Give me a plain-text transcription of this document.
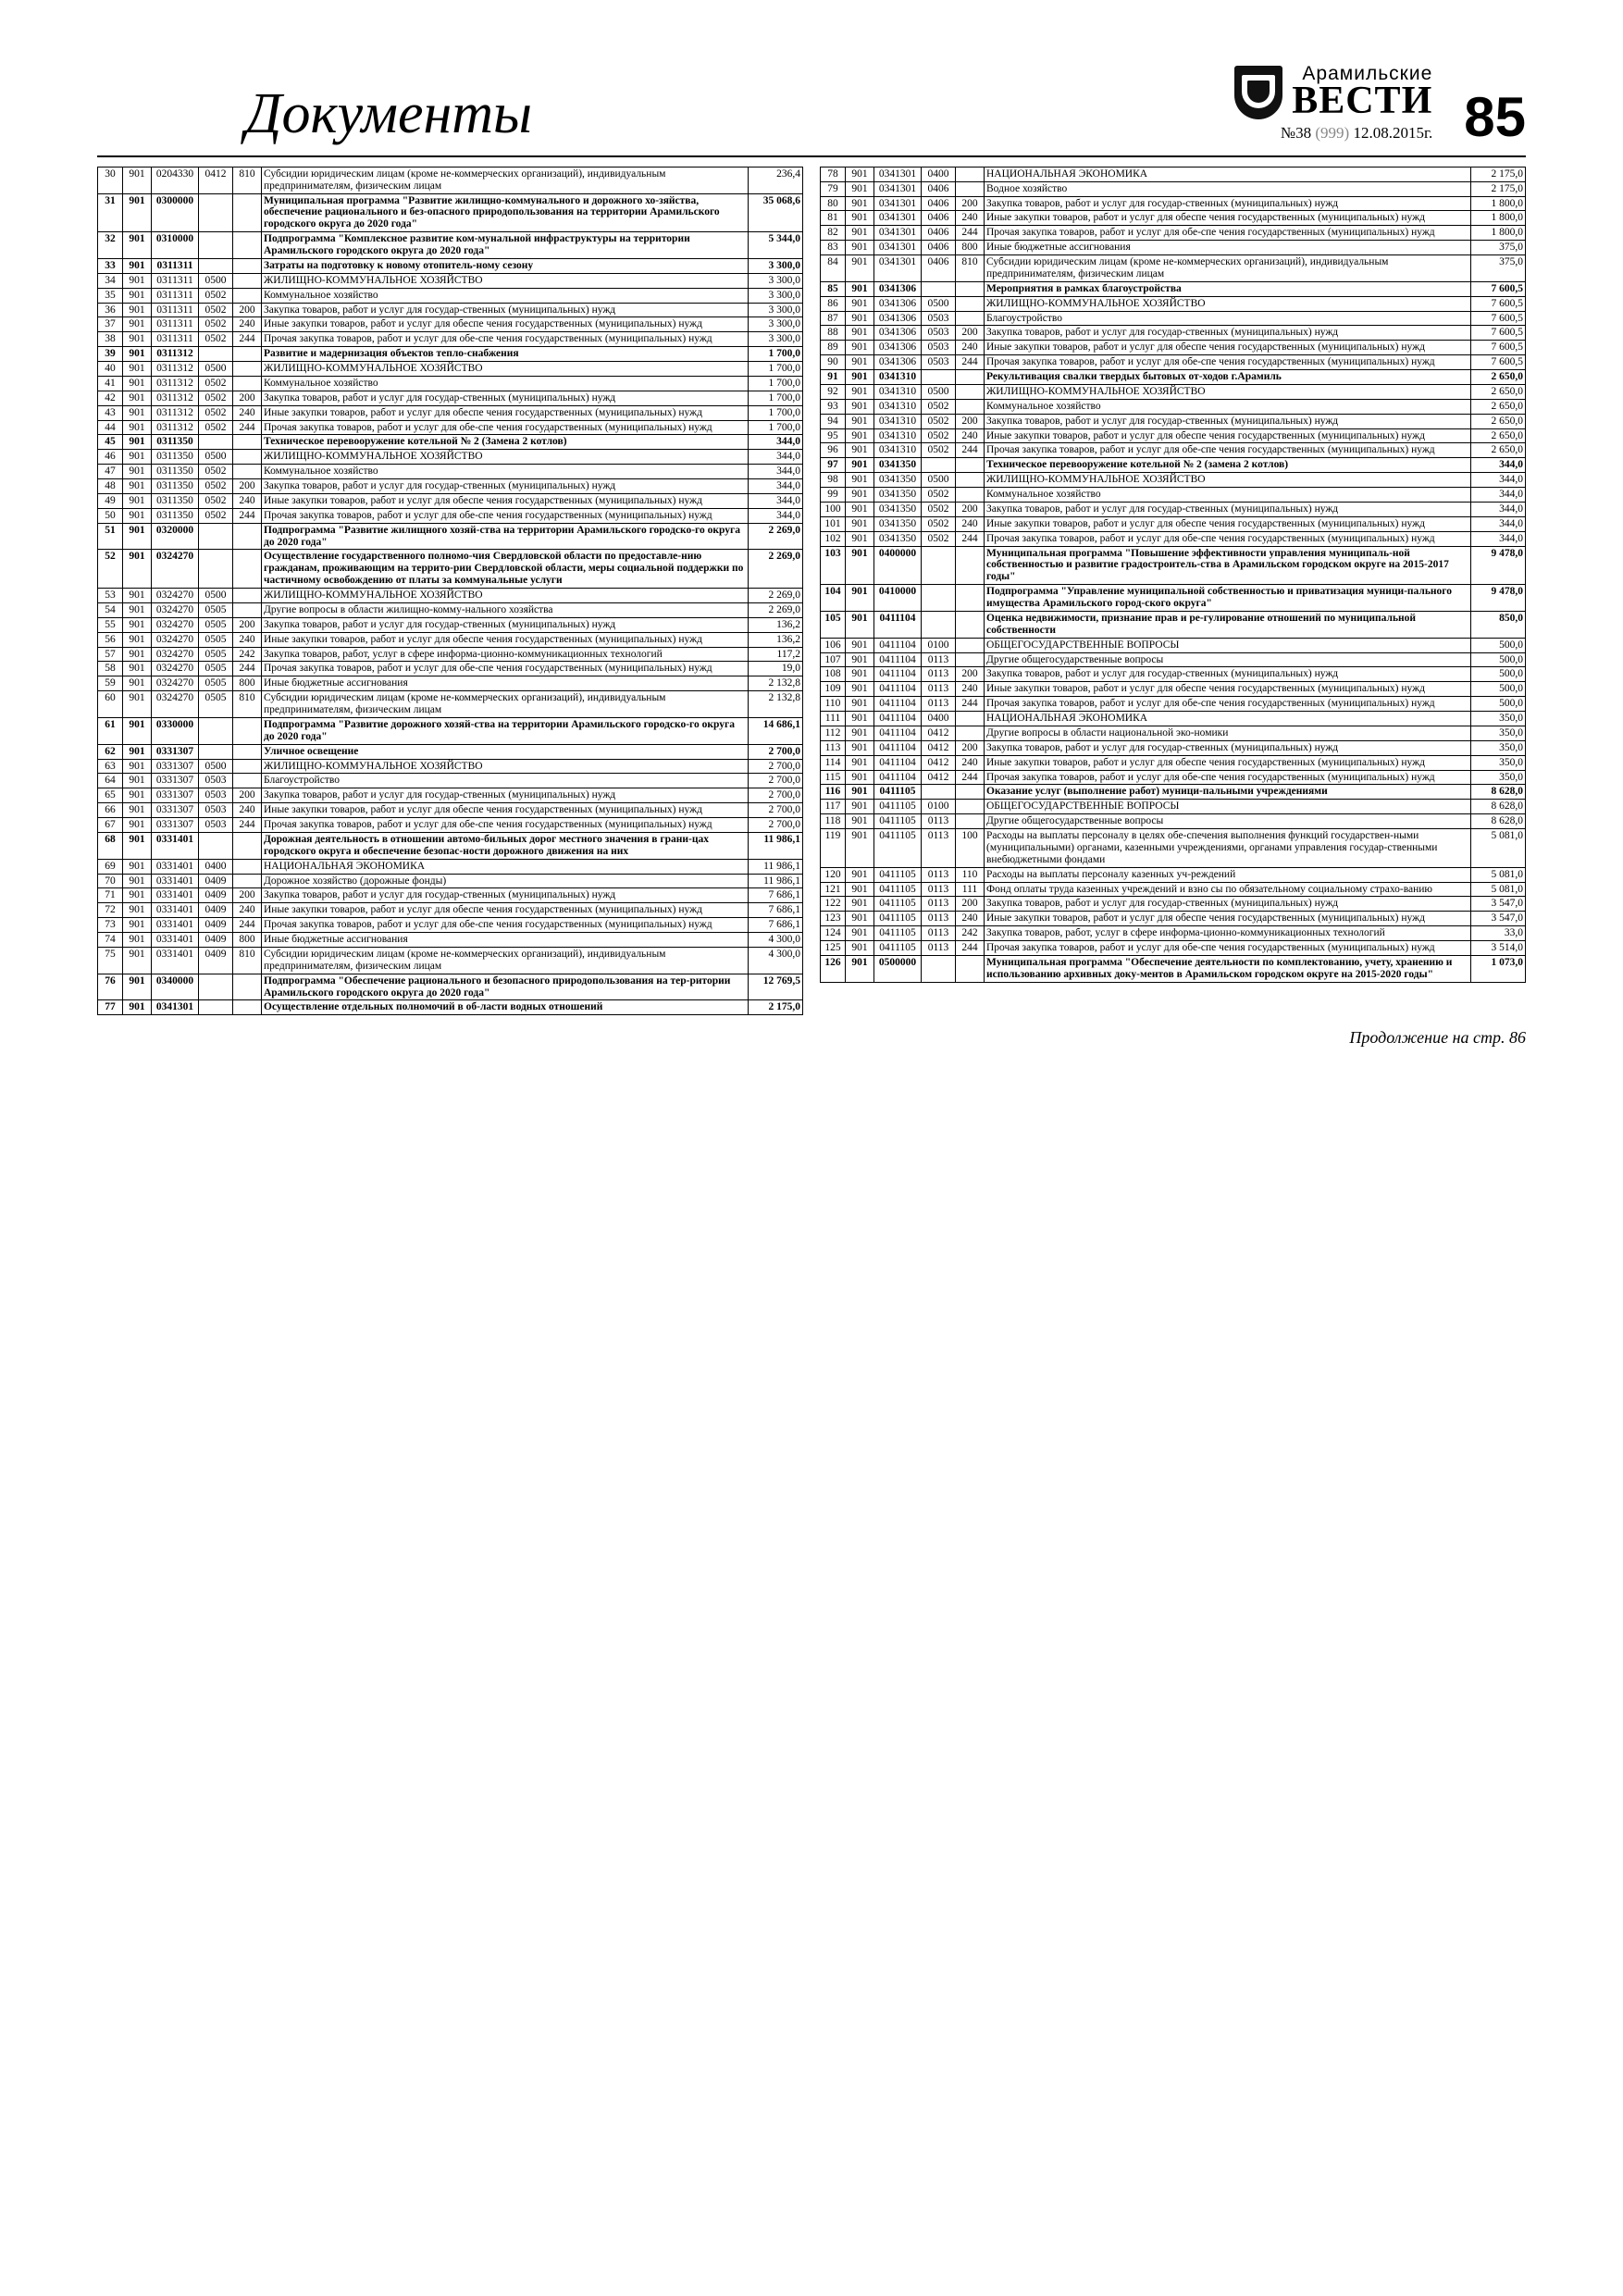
Документы
Арамильские
ВЕСТИ
№38 (999) 12.08.2015г. 85
30	901	0204330	0412	810	Субсидии юридическим лицам (кроме не-коммерческих организаций), индивидуальным предпринимателям, физическим лицам	236,4
31	901	0300000			Муниципальная программа "Развитие жилищно-коммунального и дорожного хо-зяйства, обеспечение рационального и без-опасного природопользования на территории Арамильского городского округа до 2020 года"	35 068,6
32	901	0310000			Подпрограмма "Комплексное развитие ком-мунальной инфраструктуры на территории Арамильского городского округа до 2020 года"	5 344,0
33	901	0311311			Затраты на подготовку к новому отопитель-ному сезону	3 300,0
34	901	0311311	0500		ЖИЛИЩНО-КОММУНАЛЬНОЕ ХОЗЯЙСТВО	3 300,0
35	901	0311311	0502		Коммунальное хозяйство	3 300,0
36	901	0311311	0502	200	Закупка товаров, работ и услуг для государ-ственных (муниципальных) нужд	3 300,0
37	901	0311311	0502	240	Иные закупки товаров, работ и услуг для обеспе чения государственных (муниципальных) нужд	3 300,0
38	901	0311311	0502	244	Прочая закупка товаров, работ и услуг для обе-спе чения государственных (муниципальных) нужд	3 300,0
39	901	0311312			Развитие и мадернизация объектов тепло-снабжения	1 700,0
40	901	0311312	0500		ЖИЛИЩНО-КОММУНАЛЬНОЕ ХОЗЯЙСТВО	1 700,0
41	901	0311312	0502		Коммунальное хозяйство	1 700,0
42	901	0311312	0502	200	Закупка товаров, работ и услуг для государ-ственных (муниципальных) нужд	1 700,0
43	901	0311312	0502	240	Иные закупки товаров, работ и услуг для обеспе чения государственных (муниципальных) нужд	1 700,0
44	901	0311312	0502	244	Прочая закупка товаров, работ и услуг для обе-спе чения государственных (муниципальных) нужд	1 700,0
45	901	0311350			Техническое перевооружение котельной № 2 (Замена 2 котлов)	344,0
46	901	0311350	0500		ЖИЛИЩНО-КОММУНАЛЬНОЕ ХОЗЯЙСТВО	344,0
47	901	0311350	0502		Коммунальное хозяйство	344,0
48	901	0311350	0502	200	Закупка товаров, работ и услуг для государ-ственных (муниципальных) нужд	344,0
49	901	0311350	0502	240	Иные закупки товаров, работ и услуг для обеспе чения государственных (муниципальных) нужд	344,0
50	901	0311350	0502	244	Прочая закупка товаров, работ и услуг для обе-спе чения государственных (муниципальных) нужд	344,0
51	901	0320000			Подпрограмма "Развитие жилищного хозяй-ства на территории Арамильского городско-го округа до 2020 года"	2 269,0
52	901	0324270			Осуществление государственного полномо-чия Свердловской области по предоставле-нию гражданам, проживающим на террито-рии Свердловской области, меры социальной поддержки по частичному освобождению от платы за коммунальные услуги	2 269,0
53	901	0324270	0500		ЖИЛИЩНО-КОММУНАЛЬНОЕ ХОЗЯЙСТВО	2 269,0
54	901	0324270	0505		Другие вопросы в области жилищно-комму-нального хозяйства	2 269,0
55	901	0324270	0505	200	Закупка товаров, работ и услуг для государ-ственных (муниципальных) нужд	136,2
56	901	0324270	0505	240	Иные закупки товаров, работ и услуг для обеспе чения государственных (муниципальных) нужд	136,2
57	901	0324270	0505	242	Закупка товаров, работ, услуг в сфере информа-ционно-коммуникационных технологий	117,2
58	901	0324270	0505	244	Прочая закупка товаров, работ и услуг для обе-спе чения государственных (муниципальных) нужд	19,0
59	901	0324270	0505	800	Иные бюджетные ассигнования	2 132,8
60	901	0324270	0505	810	Субсидии юридическим лицам (кроме не-коммерческих организаций), индивидуальным предпринимателям, физическим лицам	2 132,8
61	901	0330000			Подпрограмма "Развитие дорожного хозяй-ства на территории Арамильского городско-го округа до 2020 года"	14 686,1
62	901	0331307			Уличное освещение	2 700,0
63	901	0331307	0500		ЖИЛИЩНО-КОММУНАЛЬНОЕ ХОЗЯЙСТВО	2 700,0
64	901	0331307	0503		Благоустройство	2 700,0
65	901	0331307	0503	200	Закупка товаров, работ и услуг для государ-ственных (муниципальных) нужд	2 700,0
66	901	0331307	0503	240	Иные закупки товаров, работ и услуг для обеспе чения государственных (муниципальных) нужд	2 700,0
67	901	0331307	0503	244	Прочая закупка товаров, работ и услуг для обе-спе чения государственных (муниципальных) нужд	2 700,0
68	901	0331401			Дорожная деятельность в отношении автомо-бильных дорог местного значения в грани-цах городского округа и обеспечение безопас-ности дорожного движения на них	11 986,1
69	901	0331401	0400		НАЦИОНАЛЬНАЯ ЭКОНОМИКА	11 986,1
70	901	0331401	0409		Дорожное хозяйство (дорожные фонды)	11 986,1
71	901	0331401	0409	200	Закупка товаров, работ и услуг для государ-ственных (муниципальных) нужд	7 686,1
72	901	0331401	0409	240	Иные закупки товаров, работ и услуг для обеспе чения государственных (муниципальных) нужд	7 686,1
73	901	0331401	0409	244	Прочая закупка товаров, работ и услуг для обе-спе чения государственных (муниципальных) нужд	7 686,1
74	901	0331401	0409	800	Иные бюджетные ассигнования	4 300,0
75	901	0331401	0409	810	Субсидии юридическим лицам (кроме не-коммерческих организаций), индивидуальным предпринимателям, физическим лицам	4 300,0
76	901	0340000			Подпрограмма "Обеспечение рационального и безопасного природопользования на тер-ритории Арамильского городского округа до 2020 года"	12 769,5
77	901	0341301			Осуществление отдельных полномочий в об-ласти водных отношений	2 175,0
78	901	0341301	0400		НАЦИОНАЛЬНАЯ ЭКОНОМИКА	2 175,0
79	901	0341301	0406		Водное хозяйство	2 175,0
80	901	0341301	0406	200	Закупка товаров, работ и услуг для государ-ственных (муниципальных) нужд	1 800,0
81	901	0341301	0406	240	Иные закупки товаров, работ и услуг для обеспе чения государственных (муниципальных) нужд	1 800,0
82	901	0341301	0406	244	Прочая закупка товаров, работ и услуг для обе-спе чения государственных (муниципальных) нужд	1 800,0
83	901	0341301	0406	800	Иные бюджетные ассигнования	375,0
84	901	0341301	0406	810	Субсидии юридическим лицам (кроме не-коммерческих организаций), индивидуальным предпринимателям, физическим лицам	375,0
85	901	0341306			Мероприятия в рамках благоустройства	7 600,5
86	901	0341306	0500		ЖИЛИЩНО-КОММУНАЛЬНОЕ ХОЗЯЙСТВО	7 600,5
87	901	0341306	0503		Благоустройство	7 600,5
88	901	0341306	0503	200	Закупка товаров, работ и услуг для государ-ственных (муниципальных) нужд	7 600,5
89	901	0341306	0503	240	Иные закупки товаров, работ и услуг для обеспе чения государственных (муниципальных) нужд	7 600,5
90	901	0341306	0503	244	Прочая закупка товаров, работ и услуг для обе-спе чения государственных (муниципальных) нужд	7 600,5
91	901	0341310			Рекультивация свалки твердых бытовых от-ходов г.Арамиль	2 650,0
92	901	0341310	0500		ЖИЛИЩНО-КОММУНАЛЬНОЕ ХОЗЯЙСТВО	2 650,0
93	901	0341310	0502		Коммунальное хозяйство	2 650,0
94	901	0341310	0502	200	Закупка товаров, работ и услуг для государ-ственных (муниципальных) нужд	2 650,0
95	901	0341310	0502	240	Иные закупки товаров, работ и услуг для обеспе чения государственных (муниципальных) нужд	2 650,0
96	901	0341310	0502	244	Прочая закупка товаров, работ и услуг для обе-спе чения государственных (муниципальных) нужд	2 650,0
97	901	0341350			Техническое перевооружение котельной № 2 (замена 2 котлов)	344,0
98	901	0341350	0500		ЖИЛИЩНО-КОММУНАЛЬНОЕ ХОЗЯЙСТВО	344,0
99	901	0341350	0502		Коммунальное хозяйство	344,0
100	901	0341350	0502	200	Закупка товаров, работ и услуг для государ-ственных (муниципальных) нужд	344,0
101	901	0341350	0502	240	Иные закупки товаров, работ и услуг для обеспе чения государственных (муниципальных) нужд	344,0
102	901	0341350	0502	244	Прочая закупка товаров, работ и услуг для обе-спе чения государственных (муниципальных) нужд	344,0
103	901	0400000			Муниципальная программа "Повышение эффективности управления муниципаль-ной собственностью и развитие градостроитель-ства в Арамильском городском округе на 2015-2017 годы"	9 478,0
104	901	0410000			Подпрограмма "Управление муниципальной собственностью и приватизация муници-пального имущества Арамильского город-ского округа"	9 478,0
105	901	0411104			Оценка недвижимости, признание прав и ре-гулирование отношений по муниципальной собственности	850,0
106	901	0411104	0100		ОБЩЕГОСУДАРСТВЕННЫЕ ВОПРОСЫ	500,0
107	901	0411104	0113		Другие общегосударственные вопросы	500,0
108	901	0411104	0113	200	Закупка товаров, работ и услуг для государ-ственных (муниципальных) нужд	500,0
109	901	0411104	0113	240	Иные закупки товаров, работ и услуг для обеспе чения государственных (муниципальных) нужд	500,0
110	901	0411104	0113	244	Прочая закупка товаров, работ и услуг для обе-спе чения государственных (муниципальных) нужд	500,0
111	901	0411104	0400		НАЦИОНАЛЬНАЯ ЭКОНОМИКА	350,0
112	901	0411104	0412		Другие вопросы в области национальной эко-номики	350,0
113	901	0411104	0412	200	Закупка товаров, работ и услуг для государ-ственных (муниципальных) нужд	350,0
114	901	0411104	0412	240	Иные закупки товаров, работ и услуг для обеспе чения государственных (муниципальных) нужд	350,0
115	901	0411104	0412	244	Прочая закупка товаров, работ и услуг для обе-спе чения государственных (муниципальных) нужд	350,0
116	901	0411105			Оказание услуг (выполнение работ) муници-пальными учреждениями	8 628,0
117	901	0411105	0100		ОБЩЕГОСУДАРСТВЕННЫЕ ВОПРОСЫ	8 628,0
118	901	0411105	0113		Другие общегосударственные вопросы	8 628,0
119	901	0411105	0113	100	Расходы на выплаты персоналу в целях обе-спечения выполнения функций государствен-ными (муниципальными) органами, казенными учреждениями, органами управления государ-ственными внебюджетными фондами	5 081,0
120	901	0411105	0113	110	Расходы на выплаты персоналу казенных уч-реждений	5 081,0
121	901	0411105	0113	111	Фонд оплаты труда казенных учреждений и взно сы по обязательному социальному страхо-ванию	5 081,0
122	901	0411105	0113	200	Закупка товаров, работ и услуг для государ-ственных (муниципальных) нужд	3 547,0
123	901	0411105	0113	240	Иные закупки товаров, работ и услуг для обеспе чения государственных (муниципальных) нужд	3 547,0
124	901	0411105	0113	242	Закупка товаров, работ, услуг в сфере информа-ционно-коммуникационных технологий	33,0
125	901	0411105	0113	244	Прочая закупка товаров, работ и услуг для обе-спе чения государственных (муниципальных) нужд	3 514,0
126	901	0500000			Муниципальная программа "Обеспечение деятельности по комплектованию, учету, хранению и использованию архивных доку-ментов в Арамильском городском округе на 2015-2020 годы"	1 073,0
Продолжение на стр. 86
